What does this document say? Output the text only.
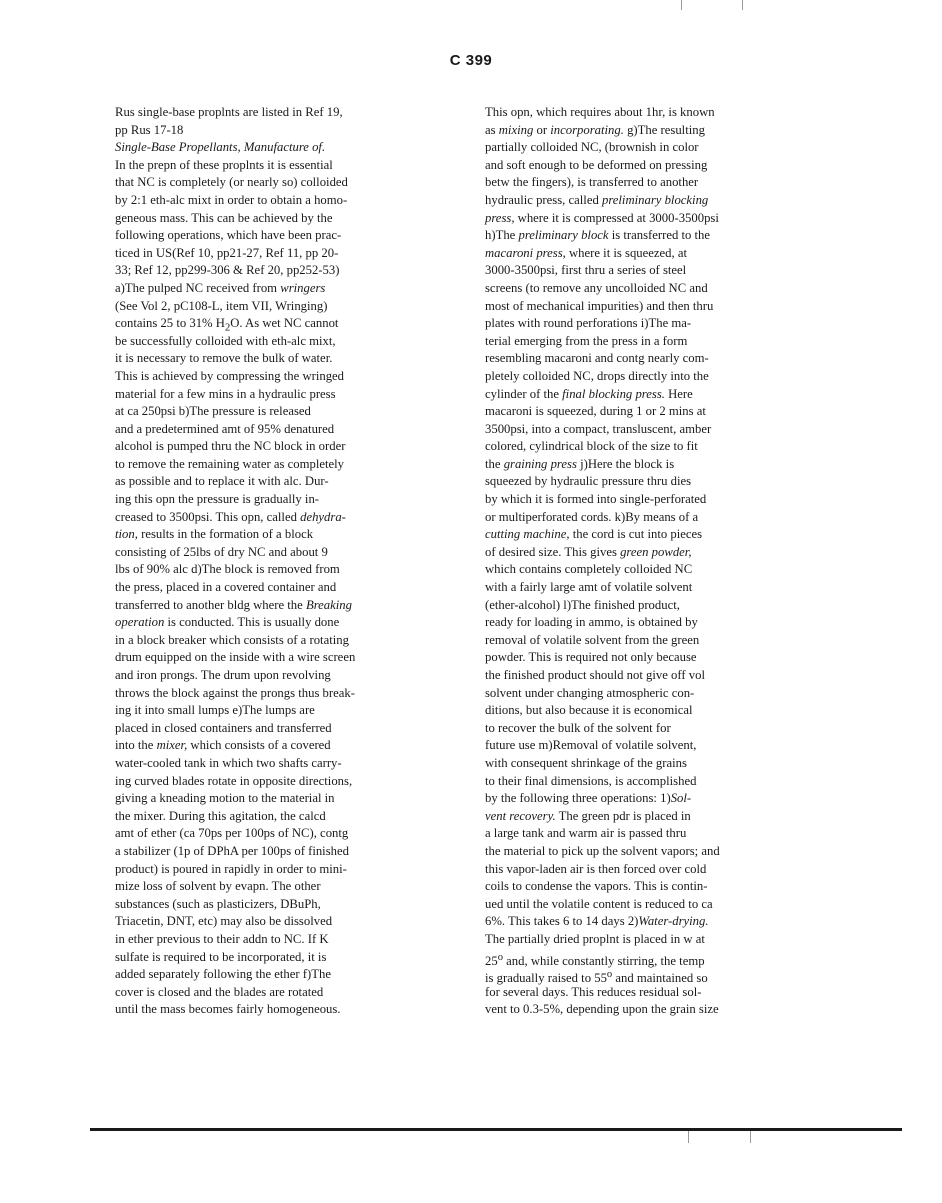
C 399
Rus single-base proplnts are listed in Ref 19,
pp Rus 17-18
Single-Base Propellants, Manufacture of.
In the prepn of these proplnts it is essential
that NC is completely (or nearly so) colloided
by 2:1 eth-alc mixt in order to obtain a homo-
geneous mass. This can be achieved by the
following operations, which have been prac-
ticed in US(Ref 10, pp21-27, Ref 11, pp 20-
33; Ref 12, pp299-306 & Ref 20, pp252-53)
a)The pulped NC received from wringers
(See Vol 2, pC108-L, item VII, Wringing)
contains 25 to 31% $H_2O$. As wet NC cannot
be successfully colloided with eth-alc mixt,
it is necessary to remove the bulk of water.
This is achieved by compressing the wringed
material for a few mins in a hydraulic press
at ca 250psi b)The pressure is released
and a predetermined amt of 95% denatured
alcohol is pumped thru the NC block in order
to remove the remaining water as completely
as possible and to replace it with alc. Dur-
ing this opn the pressure is gradually in-
creased to 3500psi. This opn, called dehydra-
tion, results in the formation of a block
consisting of 25lbs of dry NC and about 9
lbs of 90% alc d)The block is removed from
the press, placed in a covered container and
transferred to another bldg where the Breaking
operation is conducted. This is usually done
in a block breaker which consists of a rotating
drum equipped on the inside with a wire screen
and iron prongs. The drum upon revolving
throws the block against the prongs thus break-
ing it into small lumps e)The lumps are
placed in closed containers and transferred
into the mixer, which consists of a covered
water-cooled tank in which two shafts carry-
ing curved blades rotate in opposite directions,
giving a kneading motion to the material in
the mixer. During this agitation, the calcd
amt of ether (ca 70ps per 100ps of NC), contg
a stabilizer (1p of DPhA per 100ps of finished
product) is poured in rapidly in order to mini-
mize loss of solvent by evapn. The other
substances (such as plasticizers, DBuPh,
Triacetin, DNT, etc) may also be dissolved
in ether previous to their addn to NC. If K
sulfate is required to be incorporated, it is
added separately following the ether f)The
cover is closed and the blades are rotated
until the mass becomes fairly homogeneous.
This opn, which requires about 1hr, is known
as mixing or incorporating. g)The resulting
partially colloided NC, (brownish in color
and soft enough to be deformed on pressing
betw the fingers), is transferred to another
hydraulic press, called preliminary blocking
press, where it is compressed at 3000-3500psi
h)The preliminary block is transferred to the
macaroni press, where it is squeezed, at
3000-3500psi, first thru a series of steel
screens (to remove any uncolloided NC and
most of mechanical impurities) and then thru
plates with round perforations i)The ma-
terial emerging from the press in a form
resembling macaroni and contg nearly com-
pletely colloided NC, drops directly into the
cylinder of the final blocking press. Here
macaroni is squeezed, during 1 or 2 mins at
3500psi, into a compact, transluscent, amber
colored, cylindrical block of the size to fit
the graining press j)Here the block is
squeezed by hydraulic pressure thru dies
by which it is formed into single-perforated
or multiperforated cords. k)By means of a
cutting machine, the cord is cut into pieces
of desired size. This gives green powder,
which contains completely colloided NC
with a fairly large amt of volatile solvent
(ether-alcohol) l)The finished product,
ready for loading in ammo, is obtained by
removal of volatile solvent from the green
powder. This is required not only because
the finished product should not give off vol
solvent under changing atmospheric con-
ditions, but also because it is economical
to recover the bulk of the solvent for
future use m)Removal of volatile solvent,
with consequent shrinkage of the grains
to their final dimensions, is accomplished
by the following three operations: 1)Sol-
vent recovery. The green pdr is placed in
a large tank and warm air is passed thru
the material to pick up the solvent vapors; and
this vapor-laden air is then forced over cold
coils to condense the vapors. This is contin-
ued until the volatile content is reduced to ca
6%. This takes 6 to 14 days 2)Water-drying.
The partially dried proplnt is placed in w at
25$^o$ and, while constantly stirring, the temp
is gradually raised to 55$^o$ and maintained so
for several days. This reduces residual sol-
vent to 0.3-5%, depending upon the grain size
